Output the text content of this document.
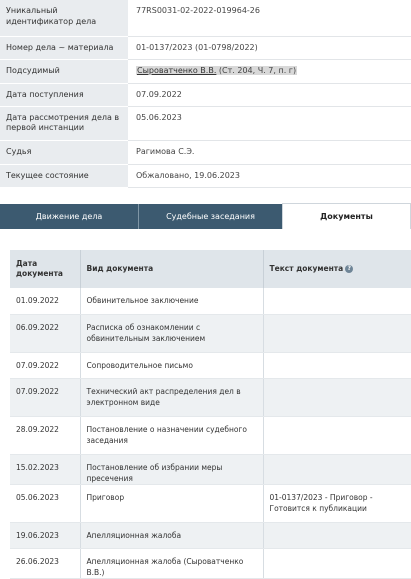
Уникальный идентификатор дела	77RS0031-02-2022-019964-26
Номер дела ~ материала	01-0137/2023 (01-0798/2022)
Подсудимый	Сыроватченко В.В. (Ст. 204, Ч. 7, п. г)
Дата поступления	07.09.2022
Дата рассмотрения дела в первой инстанции	05.06.2023
Судья	Рагимова С.Э.
Текущее состояние	Обжаловано, 19.06.2023
Движение дела	Судебные заседания	Документы
Дата документа	Вид документа	Текст документа ?
01.09.2022	Обвинительное заключение	
06.09.2022	Расписка об ознакомлении с обвинительным заключением	
07.09.2022	Сопроводительное письмо	
07.09.2022	Технический акт распределения дел в электронном виде	
28.09.2022	Постановление о назначении судебного заседания	
15.02.2023	Постановление об избрании меры пресечения	
05.06.2023	Приговор	01-0137/2023 - Приговор - Готовится к публикации
19.06.2023	Апелляционная жалоба	
26.06.2023	Апелляционная жалоба (Сыроватченко В.В.)	
